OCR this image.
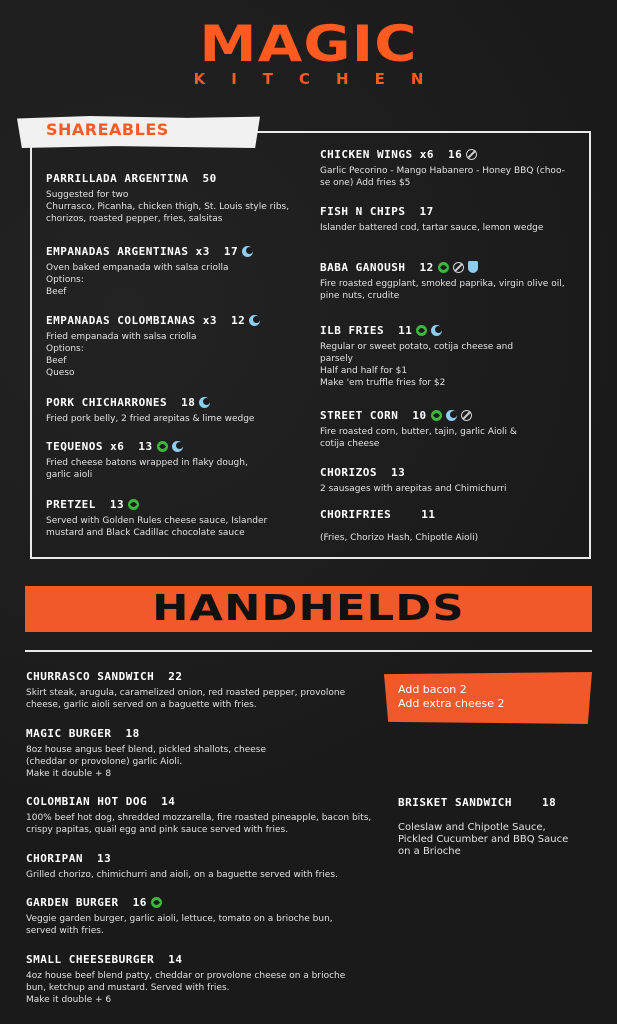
MAGIC
KITCHEN
SHAREABLES
PARRILLADA ARGENTINA 50
Suggested for two
Churrasco, Picanha, chicken thigh, St. Louis style ribs,
chorizos, roasted pepper, fries, salsitas
EMPANADAS ARGENTINAS x3 17
Oven baked empanada with salsa criolla
Options:
Beef
EMPANADAS COLOMBIANAS x3 12
Fried empanada with salsa criolla
Options:
Beef
Queso
PORK CHICHARRONES 18
Fried pork belly, 2 fried arepitas & lime wedge
TEQUENOS x6 13
Fried cheese batons wrapped in flaky dough,
garlic aioli
PRETZEL 13
Served with Golden Rules cheese sauce, Islander
mustard and Black Cadillac chocolate sauce
CHICKEN WINGS x6 16
Garlic Pecorino - Mango Habanero - Honey BBQ (choo-
se one) Add fries $5
FISH N CHIPS 17
Islander battered cod, tartar sauce, lemon wedge
BABA GANOUSH 12
Fire roasted eggplant, smoked paprika, virgin olive oil,
pine nuts, crudite
ILB FRIES 11
Regular or sweet potato, cotija cheese and
parsely
Half and half for $1
Make 'em truffle fries for $2
STREET CORN 10
Fire roasted corn, butter, tajin, garlic Aioli &
cotija cheese
CHORIZOS 13
2 sausages with arepitas and Chimichurri
CHORIFRIES	11
(Fries, Chorizo Hash, Chipotle Aioli)
HANDHELDS
Add bacon 2
Add extra cheese 2
CHURRASCO SANDWICH 22
Skirt steak, arugula, caramelized onion, red roasted pepper, provolone
cheese, garlic aioli served on a baguette with fries.
MAGIC BURGER 18
8oz house angus beef blend, pickled shallots, cheese
(cheddar or provolone) garlic Aioli.
Make it double + 8
COLOMBIAN HOT DOG 14
100% beef hot dog, shredded mozzarella, fire roasted pineapple, bacon bits,
crispy papitas, quail egg and pink sauce served with fries.
CHORIPAN 13
Grilled chorizo, chimichurri and aioli, on a baguette served with fries.
GARDEN BURGER 16
Veggie garden burger, garlic aioli, lettuce, tomato on a brioche bun,
served with fries.
SMALL CHEESEBURGER 14
4oz house beef blend patty, cheddar or provolone cheese on a brioche
bun, ketchup and mustard. Served with fries.
Make it double + 6
BRISKET SANDWICH	18
Coleslaw and Chipotle Sauce,
Pickled Cucumber and BBQ Sauce
on a Brioche
